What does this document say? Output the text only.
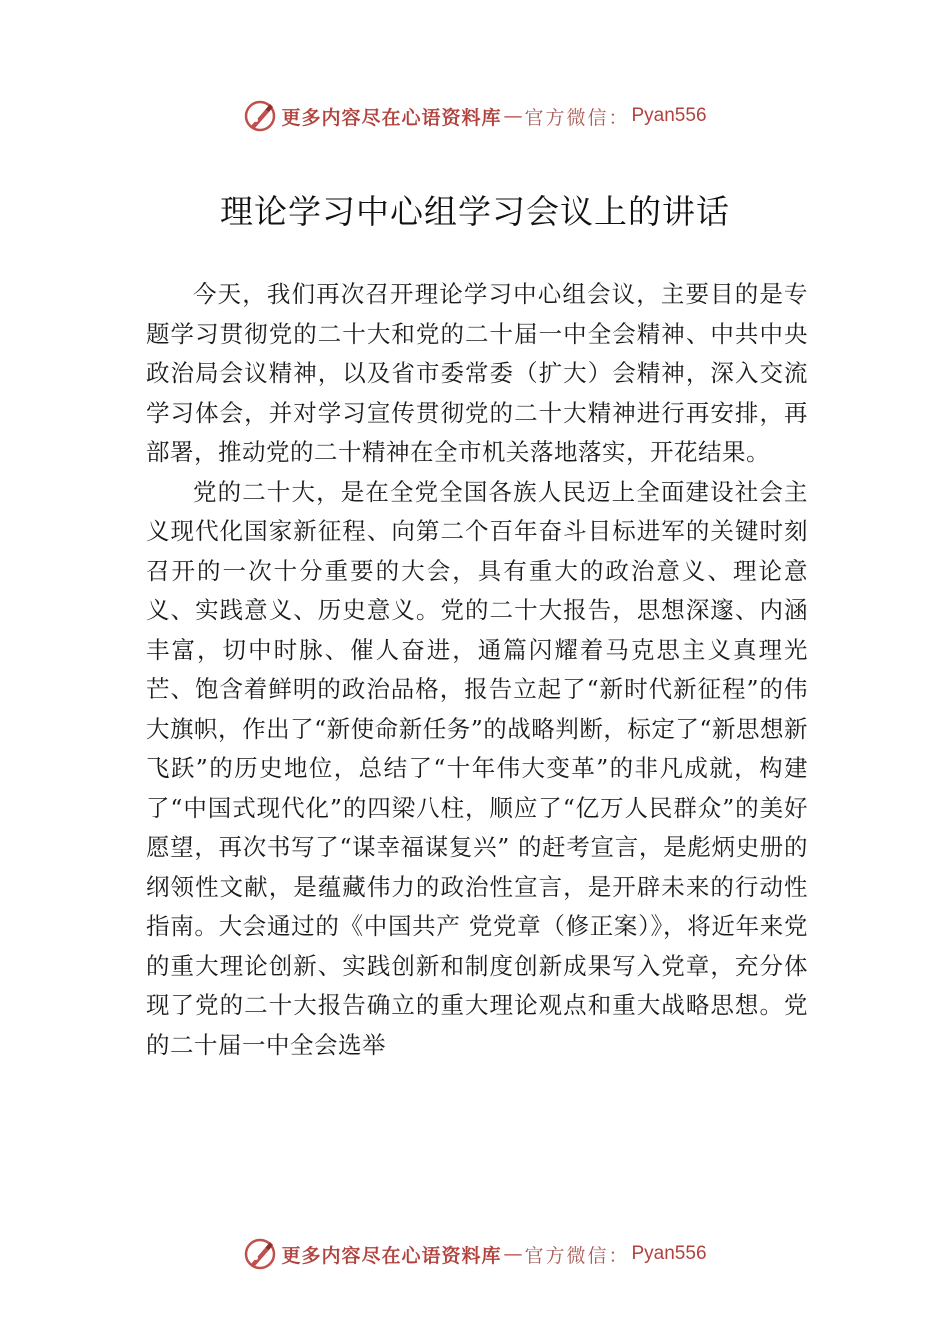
更多内容尽在心语资料库 — 官方微信： Pyan556
理论学习中心组学习会议上的讲话

今天，我们再次召开理论学习中心组会议，主要目的是专题学习贯彻党的二十大和党的二十届一中全会精神、中共中央政治局会议精神，以及省市委常委（扩大）会精神，深入交流学习体会，并对学习宣传贯彻党的二十大精神进行再安排，再部署，推动党的二十精神在全市机关落地落实，开花结果。

党的二十大，是在全党全国各族人民迈上全面建设社会主义现代化国家新征程、向第二个百年奋斗目标进军的关键时刻召开的一次十分重要的大会，具有重大的政治意义、理论意义、实践意义、历史意义。党的二十大报告，思想深邃、内涵丰富，切中时脉、催人奋进，通篇闪耀着马克思主义真理光芒、饱含着鲜明的政治品格，报告立起了“新时代新征程”的伟大旗帜，作出了“新使命新任务”的战略判断，标定了“新思想新飞跃”的历史地位，总结了“十年伟大变革”的非凡成就，构建了“中国式现代化”的四梁八柱，顺应了“亿万人民群众”的美好愿望，再次书写了“谋幸福谋复兴” 的赶考宣言，是彪炳史册的纲领性文献，是蕴藏伟力的政治性宣言，是开辟未来的行动性指南。大会通过的《中国共产 党党章（修正案）》，将近年来党的重大理论创新、实践创新和制度创新成果写入党章，充分体现了党的二十大报告确立的重大理论观点和重大战略思想。党的二十届一中全会选举

更多内容尽在心语资料库 — 官方微信： Pyan556
